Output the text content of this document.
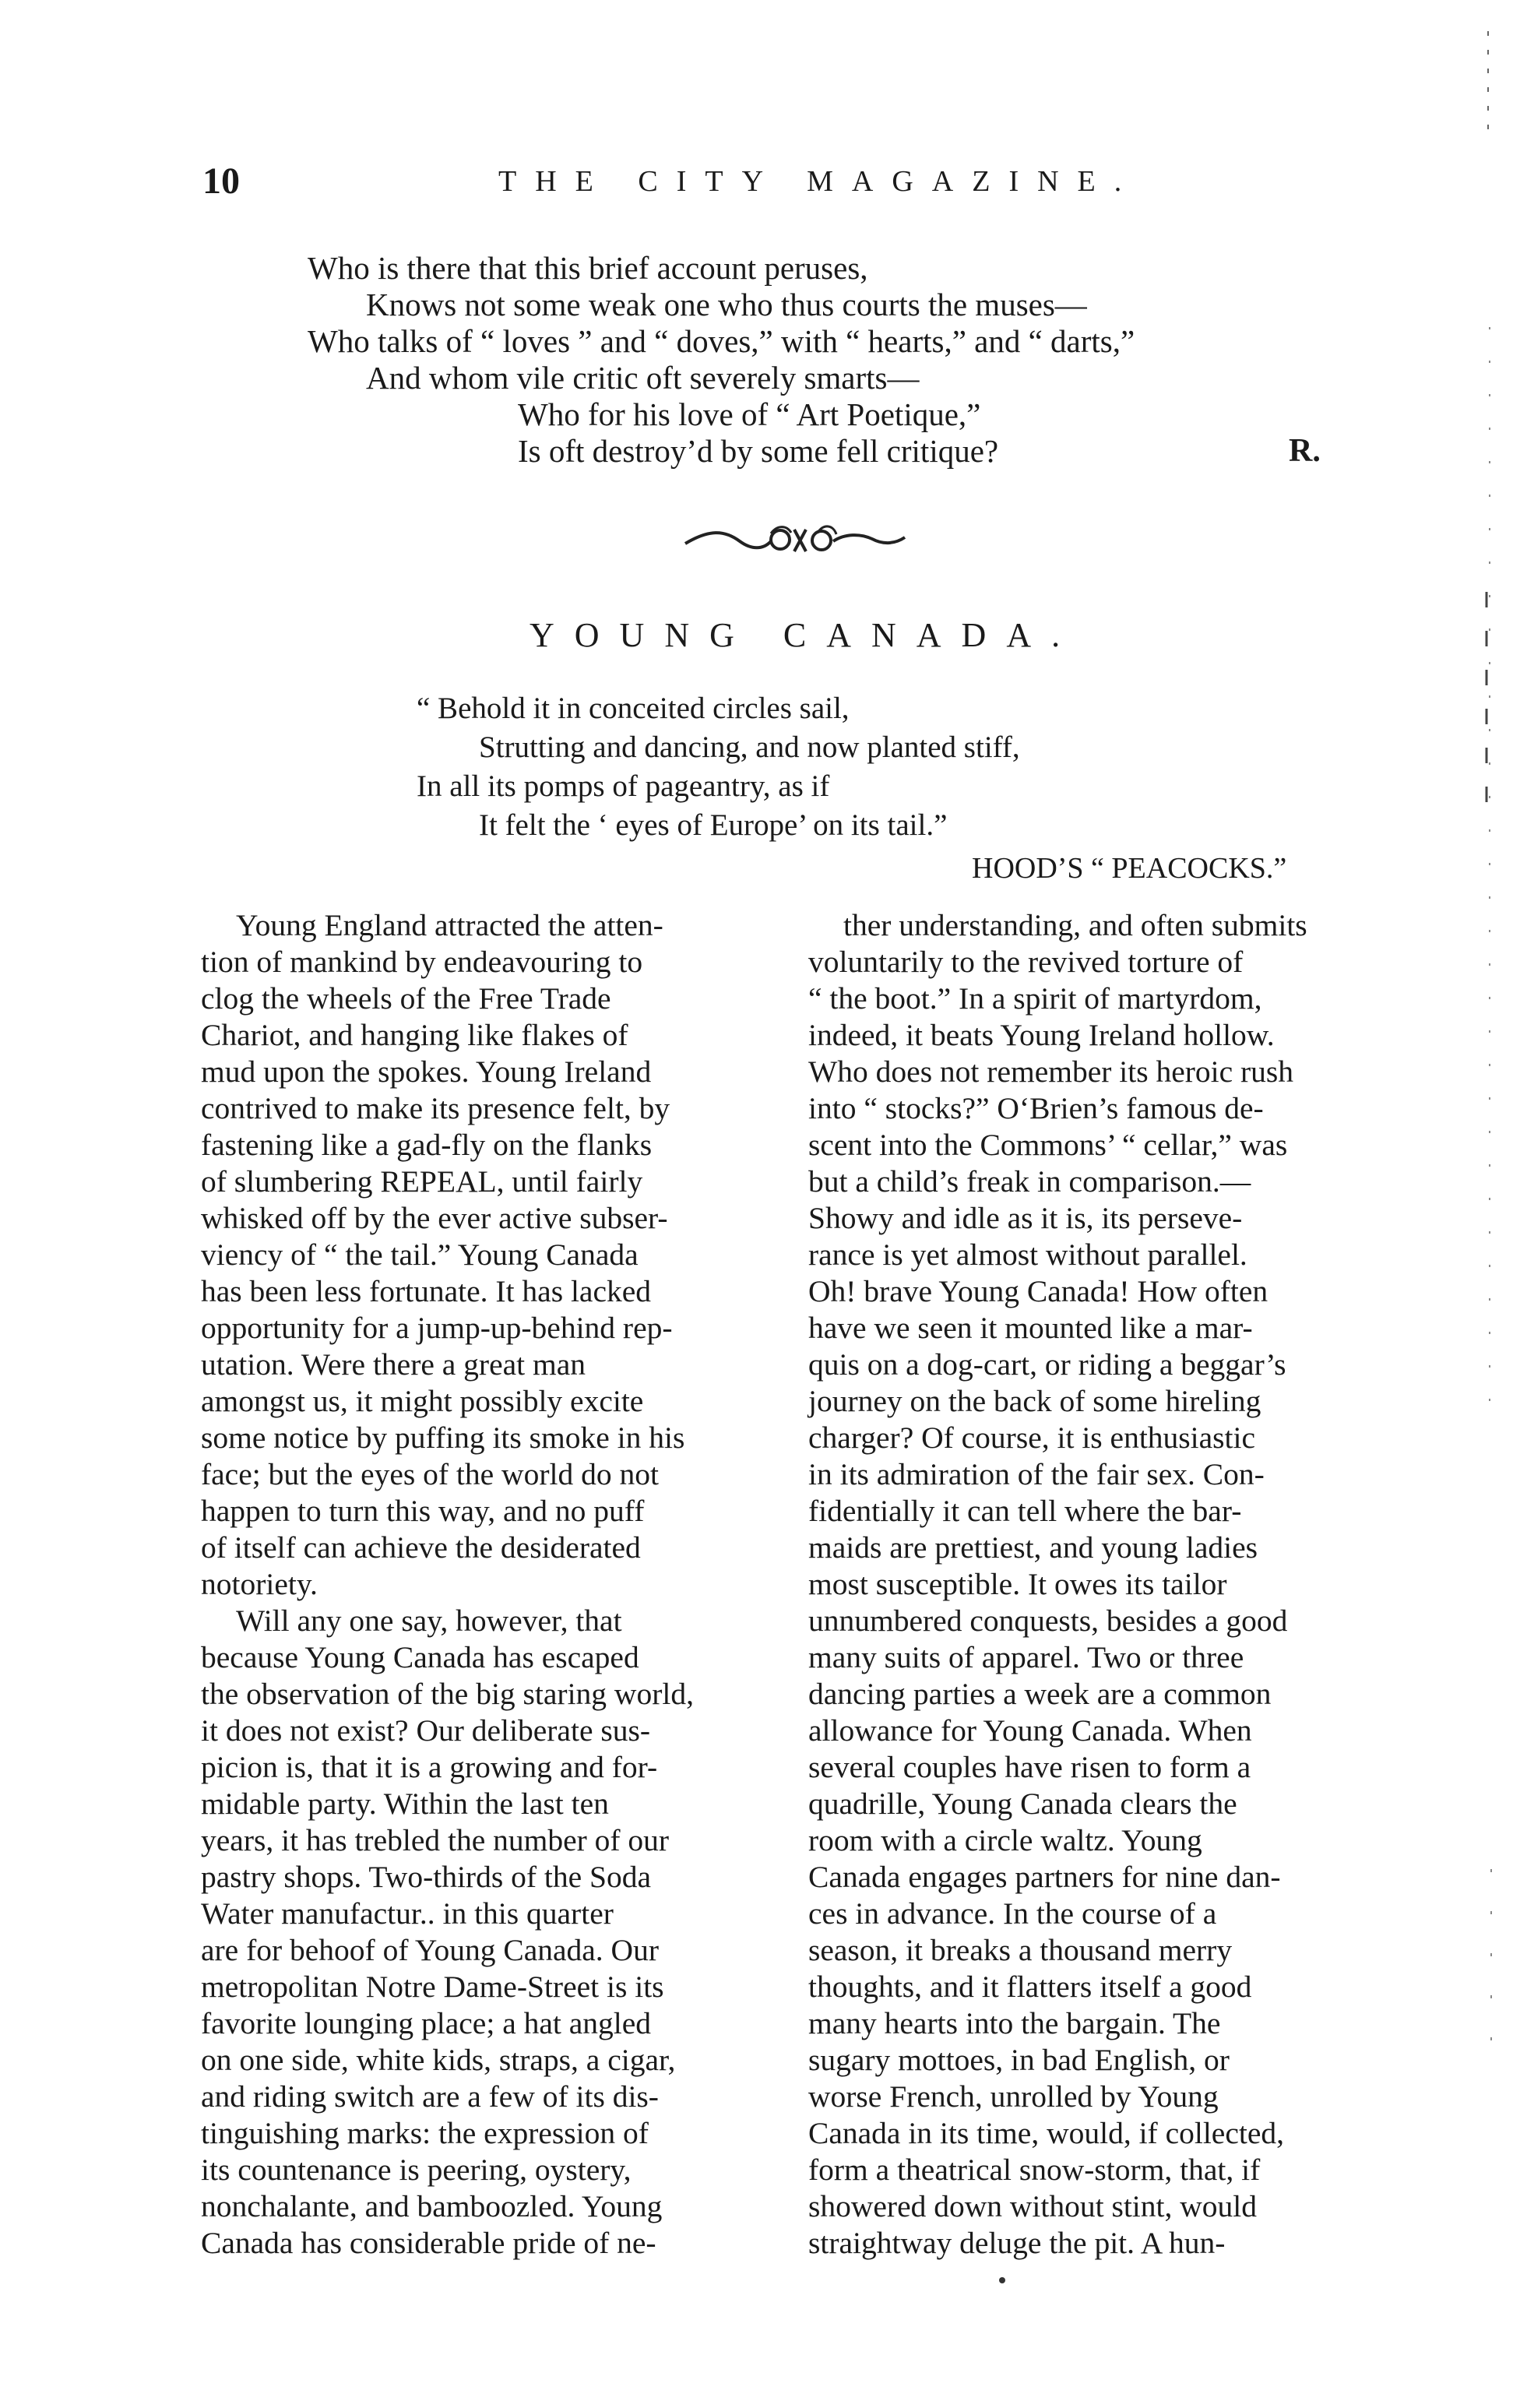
10	THE CITY MAGAZINE.
Who is there that this brief account peruses,
Knows not some weak one who thus courts the muses—
Who talks of “ loves ” and “ doves,” with “ hearts,” and “ darts,”
And whom vile critic oft severely smarts—
Who for his love of “ Art Poetique,”
Is oft destroy’d by some fell critique?	R.
YOUNG CANADA.
“ Behold it in conceited circles sail,
Strutting and dancing, and now planted stiff,
In all its pomps of pageantry, as if
It felt the ‘ eyes of Europe’ on its tail.”
HOOD’S “ PEACOCKS.”
Young England attracted the atten-
tion of mankind by endeavouring to
clog the wheels of the Free Trade
Chariot, and hanging like flakes of
mud upon the spokes. Young Ireland
contrived to make its presence felt, by
fastening like a gad-fly on the flanks
of slumbering REPEAL, until fairly
whisked off by the ever active subser-
viency of “ the tail.” Young Canada
has been less fortunate. It has lacked
opportunity for a jump-up-behind rep-
utation. Were there a great man
amongst us, it might possibly excite
some notice by puffing its smoke in his
face; but the eyes of the world do not
happen to turn this way, and no puff
of itself can achieve the desiderated
notoriety.
Will any one say, however, that
because Young Canada has escaped
the observation of the big staring world,
it does not exist? Our deliberate sus-
picion is, that it is a growing and for-
midable party. Within the last ten
years, it has trebled the number of our
pastry shops. Two-thirds of the Soda
Water manufactur.. in this quarter
are for behoof of Young Canada. Our
metropolitan Notre Dame-Street is its
favorite lounging place; a hat angled
on one side, white kids, straps, a cigar,
and riding switch are a few of its dis-
tinguishing marks: the expression of
its countenance is peering, oystery,
nonchalante, and bamboozled. Young
Canada has considerable pride of ne-
ther understanding, and often submits
voluntarily to the revived torture of
“ the boot.” In a spirit of martyrdom,
indeed, it beats Young Ireland hollow.
Who does not remember its heroic rush
into “ stocks?” O‘Brien’s famous de-
scent into the Commons’ “ cellar,” was
but a child’s freak in comparison.—
Showy and idle as it is, its perseve-
rance is yet almost without parallel.
Oh! brave Young Canada! How often
have we seen it mounted like a mar-
quis on a dog-cart, or riding a beggar’s
journey on the back of some hireling
charger? Of course, it is enthusiastic
in its admiration of the fair sex. Con-
fidentially it can tell where the bar-
maids are prettiest, and young ladies
most susceptible. It owes its tailor
unnumbered conquests, besides a good
many suits of apparel. Two or three
dancing parties a week are a common
allowance for Young Canada. When
several couples have risen to form a
quadrille, Young Canada clears the
room with a circle waltz. Young
Canada engages partners for nine dan-
ces in advance. In the course of a
season, it breaks a thousand merry
thoughts, and it flatters itself a good
many hearts into the bargain. The
sugary mottoes, in bad English, or
worse French, unrolled by Young
Canada in its time, would, if collected,
form a theatrical snow-storm, that, if
showered down without stint, would
straightway deluge the pit. A hun-
